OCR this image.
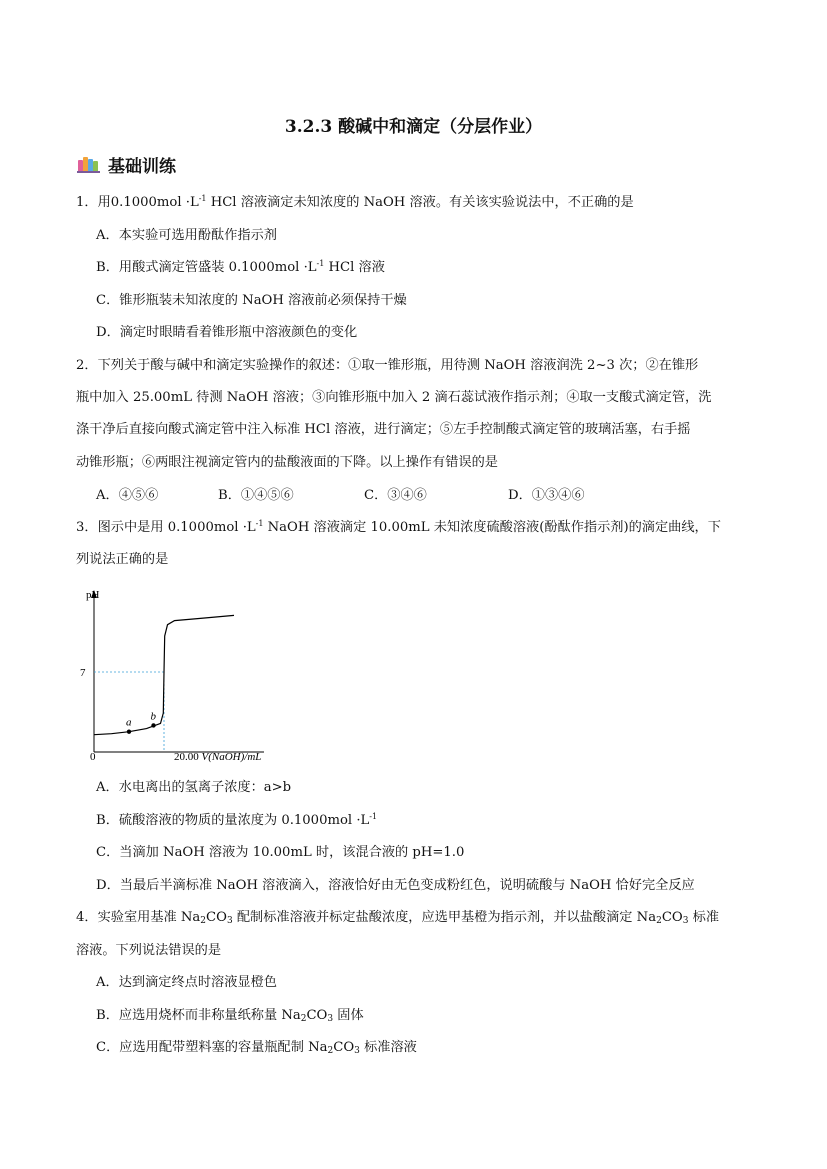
3.2.3 酸碱中和滴定（分层作业）
基础训练
1．用$0.1000mol \cdot L^{-1}$ HCl 溶液滴定未知浓度的 NaOH 溶液。有关该实验说法中，不正确的是
A．本实验可选用酚酞作指示剂
B．用酸式滴定管盛装 $0.1000mol \cdot L^{-1}$ HCl 溶液
C．锥形瓶装未知浓度的 NaOH 溶液前必须保持干燥
D．滴定时眼睛看着锥形瓶中溶液颜色的变化
2．下列关于酸与碱中和滴定实验操作的叙述：①取一锥形瓶，用待测 NaOH 溶液润洗 2~3 次；②在锥形
瓶中加入 25.00mL 待测 NaOH 溶液；③向锥形瓶中加入 2 滴石蕊试液作指示剂；④取一支酸式滴定管，洗
涤干净后直接向酸式滴定管中注入标准 HCl 溶液，进行滴定；⑤左手控制酸式滴定管的玻璃活塞，右手摇
动锥形瓶；⑥两眼注视滴定管内的盐酸液面的下降。以上操作有错误的是
A．④⑤⑥	B．①④⑤⑥	C．③④⑥	D．①③④⑥
3．图示中是用 $0.1000mol \cdot L^{-1}$ NaOH 溶液滴定 10.00mL 未知浓度硫酸溶液(酚酞作指示剂)的滴定曲线，下
列说法正确的是
pH
20.00 V(NaOH)/mL
0
7
a
b
A．水电离出的氢离子浓度：a>b
B．硫酸溶液的物质的量浓度为 $0.1000mol \cdot L^{-1}$
C．当滴加 NaOH 溶液为 10.00mL 时，该混合液的 pH=1.0
D．当最后半滴标准 NaOH 溶液滴入，溶液恰好由无色变成粉红色，说明硫酸与 NaOH 恰好完全反应
4．实验室用基准 $Na_2CO_3$ 配制标准溶液并标定盐酸浓度，应选甲基橙为指示剂，并以盐酸滴定 $Na_2CO_3$ 标准
溶液。下列说法错误的是
A．达到滴定终点时溶液显橙色
B．应选用烧杯而非称量纸称量 $Na_2CO_3$ 固体
C．应选用配带塑料塞的容量瓶配制 $Na_2CO_3$ 标准溶液
